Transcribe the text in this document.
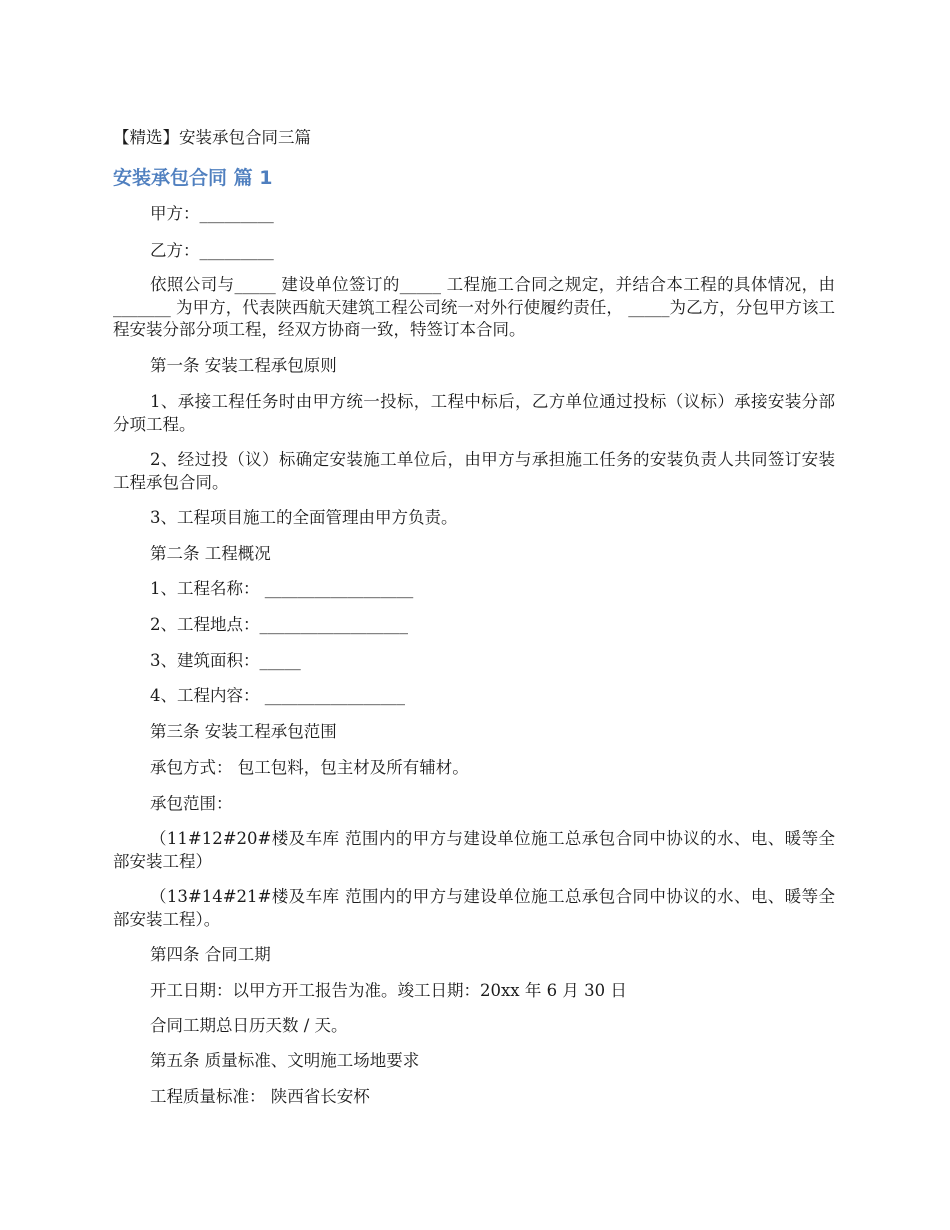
【精选】安装承包合同三篇
安装承包合同 篇 1

甲方：_________

乙方：_________

依照公司与_____ 建设单位签订的_____ 工程施工合同之规定，并结合本工程的具体情况，由_______ 为甲方，代表陕西航天建筑工程公司统一对外行使履约责任， _____为乙方，分包甲方该工程安装分部分项工程，经双方协商一致，特签订本合同。

第一条 安装工程承包原则

1、承接工程任务时由甲方统一投标，工程中标后，乙方单位通过投标（议标）承接安装分部分项工程。

2、经过投（议）标确定安装施工单位后，由甲方与承担施工任务的安装负责人共同签订安装工程承包合同。

3、工程项目施工的全面管理由甲方负责。

第二条 工程概况

1、工程名称： __________________

2、工程地点：__________________

3、建筑面积：_____

4、工程内容： _________________

第三条 安装工程承包范围

承包方式： 包工包料，包主材及所有辅材。

承包范围：

（11#12#20#楼及车库 范围内的甲方与建设单位施工总承包合同中协议的水、电、暖等全部安装工程）

（13#14#21#楼及车库 范围内的甲方与建设单位施工总承包合同中协议的水、电、暖等全部安装工程）。

第四条 合同工期

开工日期：以甲方开工报告为准。竣工日期：20xx 年 6 月 30 日

合同工期总日历天数 / 天。

第五条 质量标准、文明施工场地要求

工程质量标准： 陕西省长安杯
